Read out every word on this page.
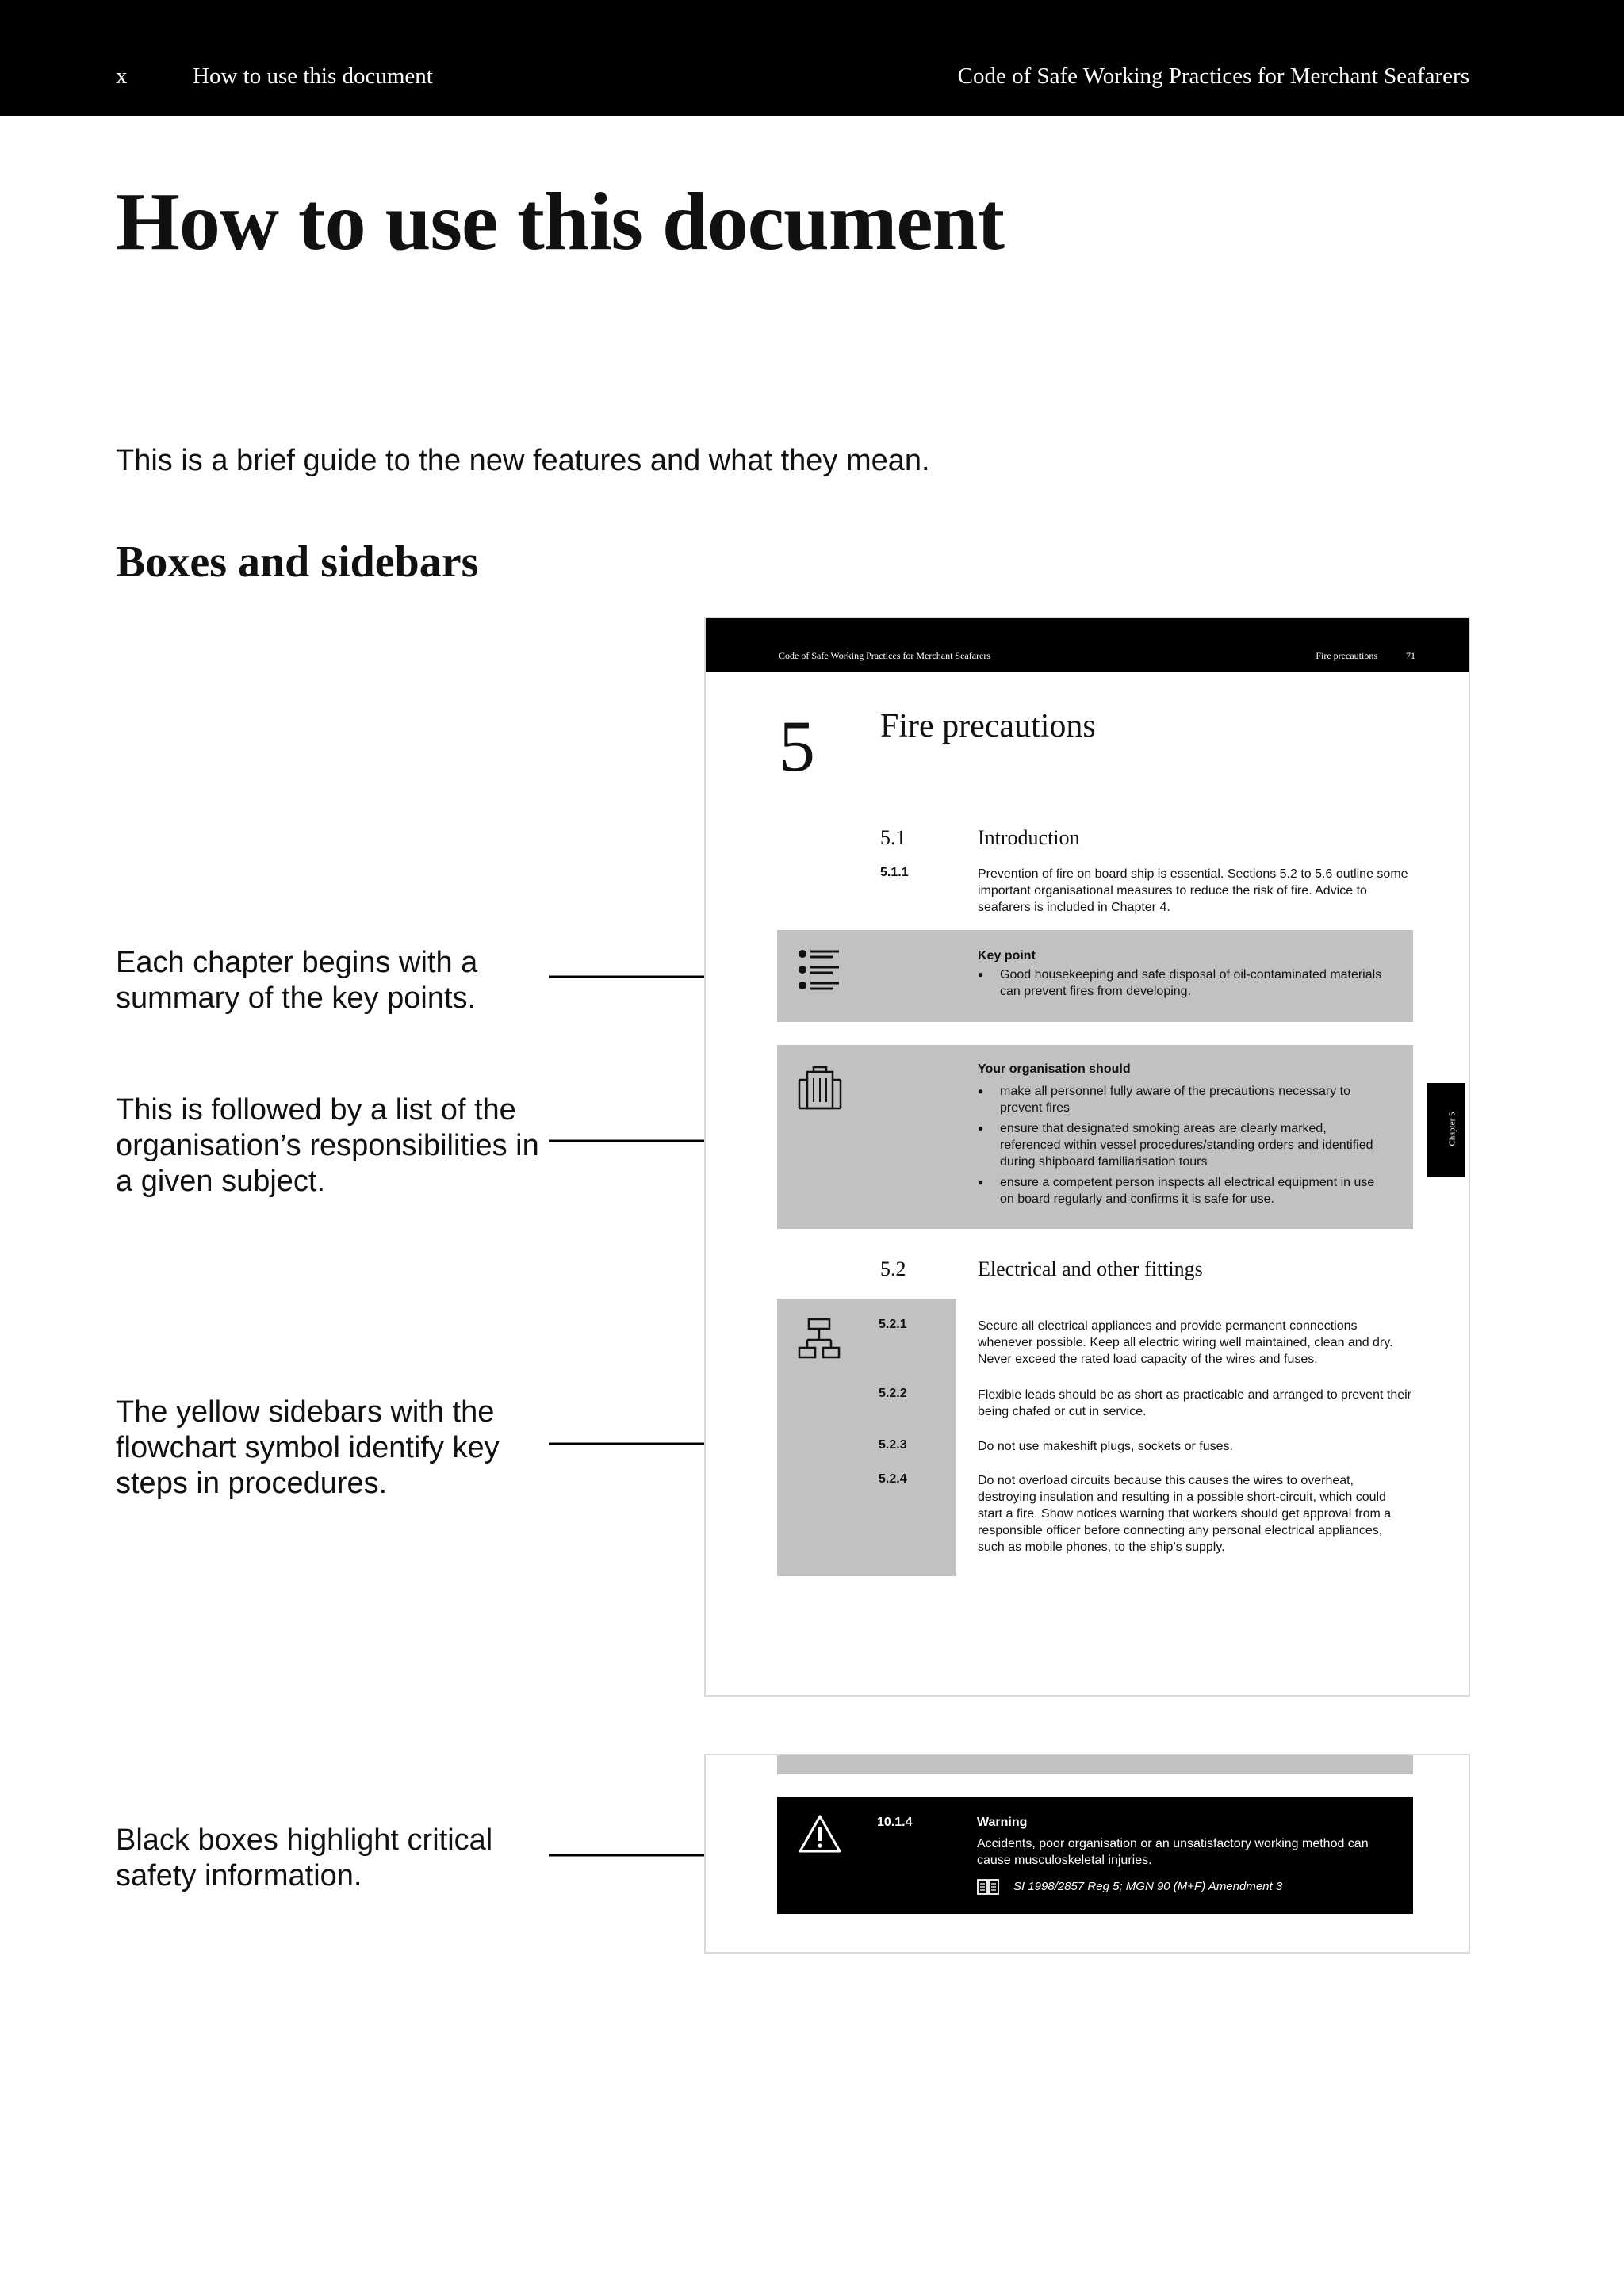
x	How to use this document	Code of Safe Working Practices for Merchant Seafarers
How to use this document

This is a brief guide to the new features and what they mean.

Boxes and sidebars

Each chapter begins with a summary of the key points.

This is followed by a list of the organisation’s responsibilities in a given subject.

The yellow sidebars with the flowchart symbol identify key steps in procedures.

Black boxes highlight critical safety information.

Code of Safe Working Practices for Merchant Seafarers	Fire precautions	71
5 Fire precautions
5.1	Introduction
5.1.1	Prevention of fire on board ship is essential. Sections 5.2 to 5.6 outline some important organisational measures to reduce the risk of fire. Advice to seafarers is included in Chapter 4.
Key point
● Good housekeeping and safe disposal of oil-contaminated materials can prevent fires from developing.
Your organisation should
● make all personnel fully aware of the precautions necessary to prevent fires
● ensure that designated smoking areas are clearly marked, referenced within vessel procedures/standing orders and identified during shipboard familiarisation tours
● ensure a competent person inspects all electrical equipment in use on board regularly and confirms it is safe for use.
Chapter 5
5.2	Electrical and other fittings
5.2.1	Secure all electrical appliances and provide permanent connections whenever possible. Keep all electric wiring well maintained, clean and dry. Never exceed the rated load capacity of the wires and fuses.
5.2.2	Flexible leads should be as short as practicable and arranged to prevent their being chafed or cut in service.
5.2.3	Do not use makeshift plugs, sockets or fuses.
5.2.4	Do not overload circuits because this causes the wires to overheat, destroying insulation and resulting in a possible short-circuit, which could start a fire. Show notices warning that workers should get approval from a responsible officer before connecting any personal electrical appliances, such as mobile phones, to the ship’s supply.
10.1.4	Warning
Accidents, poor organisation or an unsatisfactory working method can cause musculoskeletal injuries.
SI 1998/2857 Reg 5; MGN 90 (M+F) Amendment 3
